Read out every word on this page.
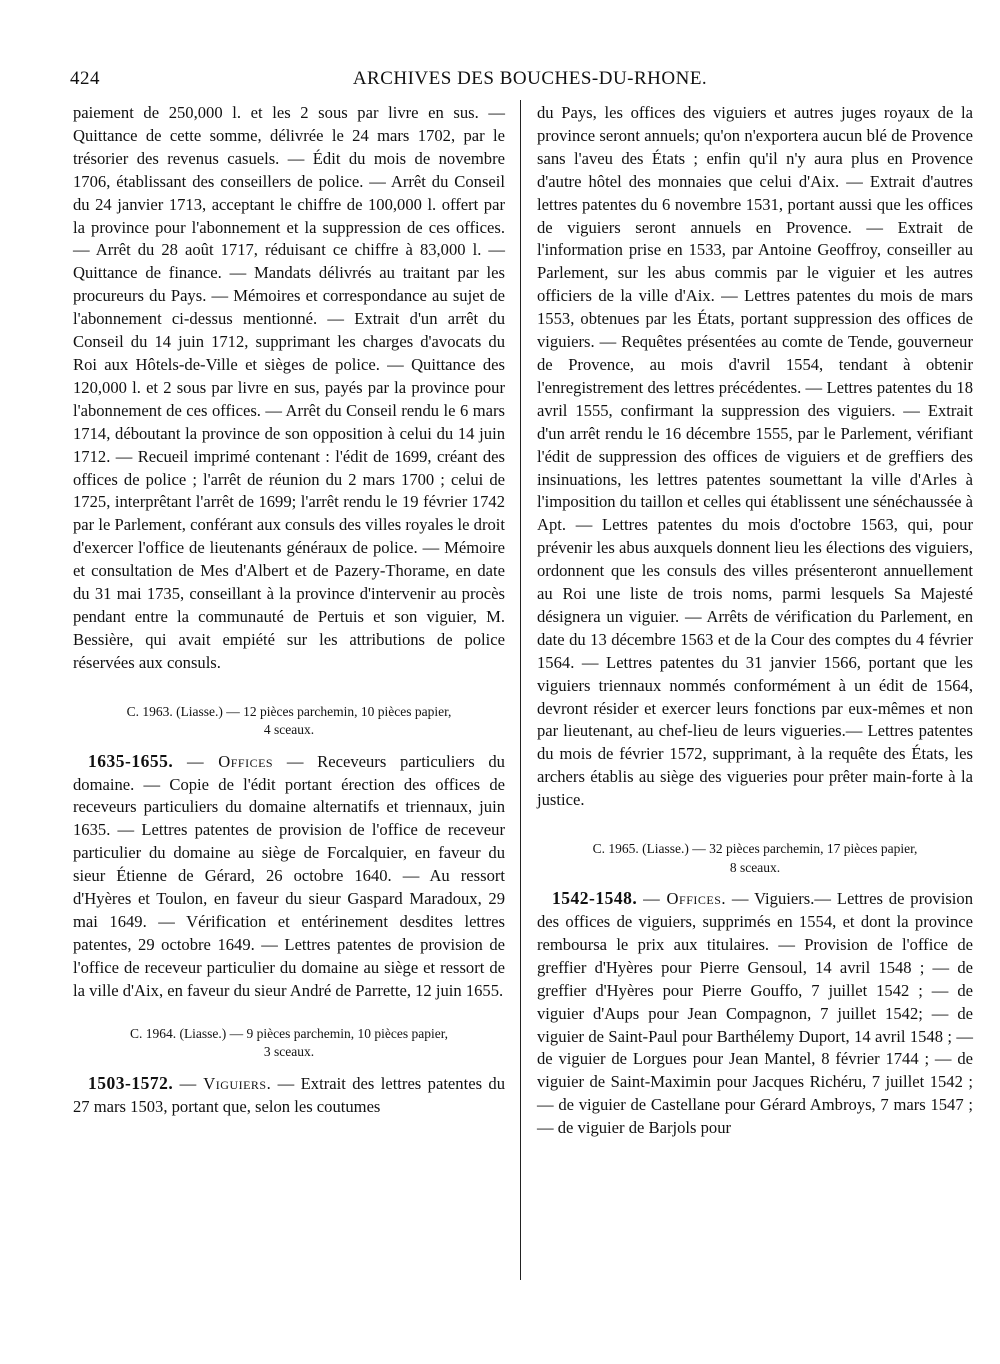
424	ARCHIVES DES BOUCHES-DU-RHONE.

paiement de 250,000 l. et les 2 sous par livre en sus. — Quittance de cette somme, délivrée le 24 mars 1702, par le trésorier des revenus casuels. — Édit du mois de novembre 1706, établissant des conseillers de police. — Arrêt du Conseil du 24 janvier 1713, acceptant le chiffre de 100,000 l. offert par la province pour l'abonnement et la suppression de ces offices. — Arrêt du 28 août 1717, réduisant ce chiffre à 83,000 l. — Quittance de finance. — Mandats délivrés au traitant par les procureurs du Pays. — Mémoires et correspondance au sujet de l'abonnement ci-dessus mentionné. — Extrait d'un arrêt du Conseil du 14 juin 1712, supprimant les charges d'avocats du Roi aux Hôtels-de-Ville et sièges de police. — Quittance des 120,000 l. et 2 sous par livre en sus, payés par la province pour l'abonnement de ces offices. — Arrêt du Conseil rendu le 6 mars 1714, déboutant la province de son opposition à celui du 14 juin 1712. — Recueil imprimé contenant : l'édit de 1699, créant des offices de police ; l'arrêt de réunion du 2 mars 1700 ; celui de 1725, interprêtant l'arrêt de 1699; l'arrêt rendu le 19 février 1742 par le Parlement, conférant aux consuls des villes royales le droit d'exercer l'office de lieutenants généraux de police. — Mémoire et consultation de Mes d'Albert et de Pazery-Thorame, en date du 31 mai 1735, conseillant à la province d'intervenir au procès pendant entre la communauté de Pertuis et son viguier, M. Bessière, qui avait empiété sur les attributions de police réservées aux consuls.

C. 1963. (Liasse.) — 12 pièces parchemin, 10 pièces papier,
4 sceaux.

1635-1655. — Offices — Receveurs particuliers du domaine. — Copie de l'édit portant érection des offices de receveurs particuliers du domaine alternatifs et triennaux, juin 1635. — Lettres patentes de provision de l'office de receveur particulier du domaine au siège de Forcalquier, en faveur du sieur Étienne de Gérard, 26 octobre 1640. — Au ressort d'Hyères et Toulon, en faveur du sieur Gaspard Maradoux, 29 mai 1649. — Vérification et entérinement desdites lettres patentes, 29 octobre 1649. — Lettres patentes de provision de l'office de receveur particulier du domaine au siège et ressort de la ville d'Aix, en faveur du sieur André de Parrette, 12 juin 1655.

C. 1964. (Liasse.) — 9 pièces parchemin, 10 pièces papier,
3 sceaux.

1503-1572. — Viguiers. — Extrait des lettres patentes du 27 mars 1503, portant que, selon les coutumes

du Pays, les offices des viguiers et autres juges royaux de la province seront annuels; qu'on n'exportera aucun blé de Provence sans l'aveu des États ; enfin qu'il n'y aura plus en Provence d'autre hôtel des monnaies que celui d'Aix. — Extrait d'autres lettres patentes du 6 novembre 1531, portant aussi que les offices de viguiers seront annuels en Provence. — Extrait de l'information prise en 1533, par Antoine Geoffroy, conseiller au Parlement, sur les abus commis par le viguier et les autres officiers de la ville d'Aix. — Lettres patentes du mois de mars 1553, obtenues par les États, portant suppression des offices de viguiers. — Requêtes présentées au comte de Tende, gouverneur de Provence, au mois d'avril 1554, tendant à obtenir l'enregistrement des lettres précédentes. — Lettres patentes du 18 avril 1555, confirmant la suppression des viguiers. — Extrait d'un arrêt rendu le 16 décembre 1555, par le Parlement, vérifiant l'édit de suppression des offices de viguiers et de greffiers des insinuations, les lettres patentes soumettant la ville d'Arles à l'imposition du taillon et celles qui établissent une sénéchaussée à Apt. — Lettres patentes du mois d'octobre 1563, qui, pour prévenir les abus auxquels donnent lieu les élections des viguiers, ordonnent que les consuls des villes présenteront annuellement au Roi une liste de trois noms, parmi lesquels Sa Majesté désignera un viguier. — Arrêts de vérification du Parlement, en date du 13 décembre 1563 et de la Cour des comptes du 4 février 1564. — Lettres patentes du 31 janvier 1566, portant que les viguiers triennaux nommés conformément à un édit de 1564, devront résider et exercer leurs fonctions par eux-mêmes et non par lieutenant, au chef-lieu de leurs vigueries.— Lettres patentes du mois de février 1572, supprimant, à la requête des États, les archers établis au siège des vigueries pour prêter main-forte à la justice.

C. 1965. (Liasse.) — 32 pièces parchemin, 17 pièces papier,
8 sceaux.

1542-1548. — Offices. — Viguiers.— Lettres de provision des offices de viguiers, supprimés en 1554, et dont la province remboursa le prix aux titulaires. — Provision de l'office de greffier d'Hyères pour Pierre Gensoul, 14 avril 1548 ; — de greffier d'Hyères pour Pierre Gouffo, 7 juillet 1542 ; — de viguier d'Aups pour Jean Compagnon, 7 juillet 1542; — de viguier de Saint-Paul pour Barthélemy Duport, 14 avril 1548 ; — de viguier de Lorgues pour Jean Mantel, 8 février 1744 ; — de viguier de Saint-Maximin pour Jacques Richéru, 7 juillet 1542 ; — de viguier de Castellane pour Gérard Ambroys, 7 mars 1547 ; — de viguier de Barjols pour
